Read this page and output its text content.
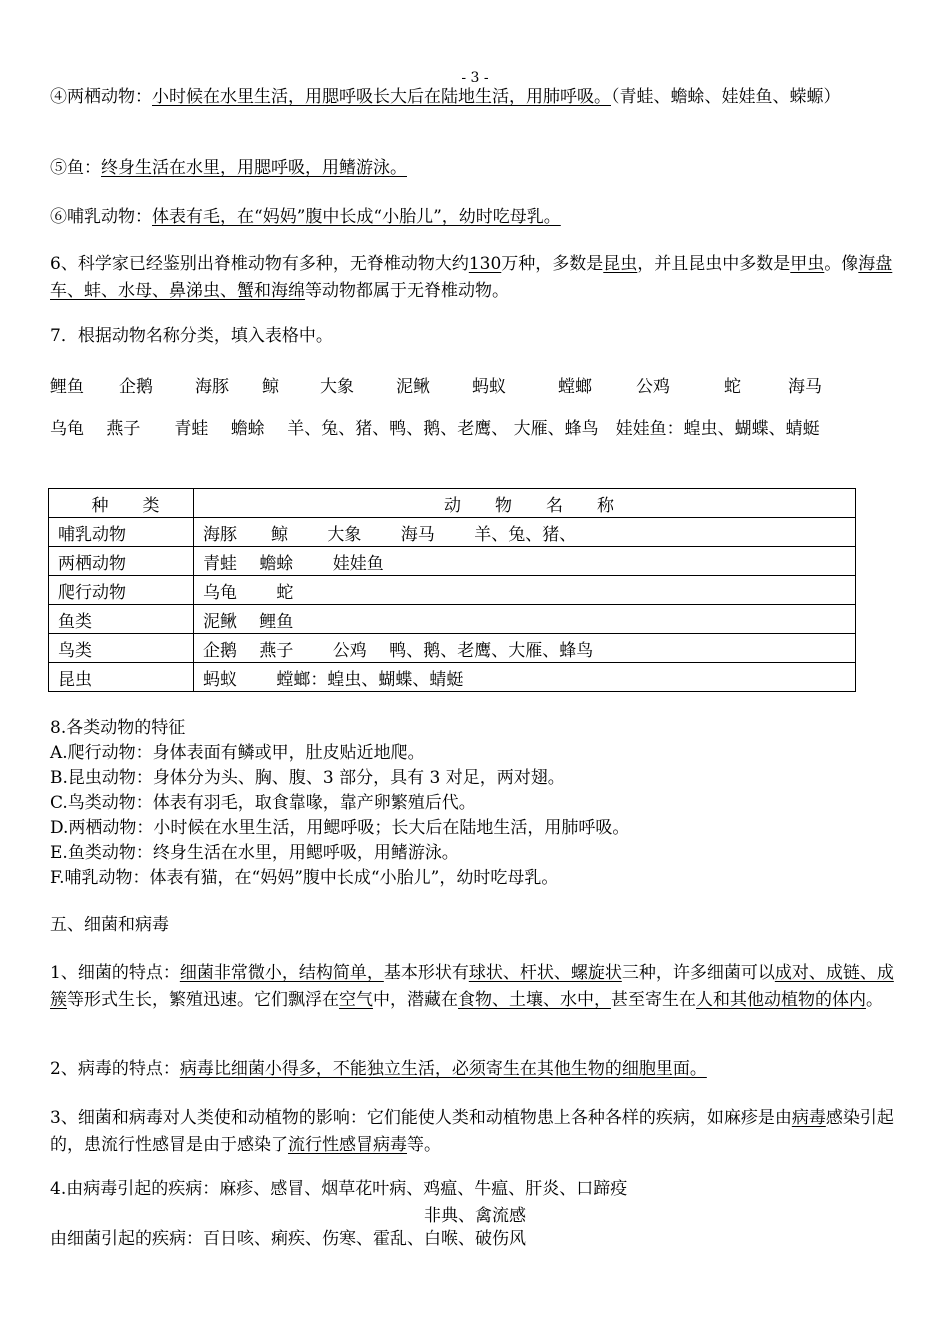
- 3 -
④两栖动物：小时候在水里生活，用腮呼吸长大后在陆地生活，用肺呼吸。（青蛙、蟾蜍、娃娃鱼、蝾螈）
⑤鱼：终身生活在水里，用腮呼吸，用鳍游泳。
⑥哺乳动物：体表有毛，在“妈妈”腹中长成“小胎儿”，幼时吃母乳。
6、科学家已经鉴别出脊椎动物有多种，无脊椎动物大约130万种，多数是昆虫，并且昆虫中多数是甲虫。像海盘车、蚌、水母、鼻涕虫、蟹和海绵等动物都属于无脊椎动物。
7．根据动物名称分类，填入表格中。
鲤鱼 企鹅 海豚 鲸 大象 泥鳅 蚂蚁	螳螂	公鸡	蛇	海马
乌龟　 燕子　　青蛙　 蟾蜍　 羊、兔、猪、鸭、鹅、老鹰、 大雁、蜂鸟　娃娃鱼：蝗虫、蝴蝶、蜻蜓
种　　类	动　　物　　名　　称
哺乳动物	海豚　　鲸　　 大象　　 海马　　 羊、兔、猪、
两栖动物	青蛙　 蟾蜍　　 娃娃鱼
爬行动物	乌龟　　 蛇
鱼类	泥鳅　 鲤鱼
鸟类	企鹅　 燕子　　 公鸡　 鸭、鹅、老鹰、大雁、蜂鸟
昆虫	蚂蚁　　 螳螂：蝗虫、蝴蝶、蜻蜓
8.各类动物的特征
A.爬行动物：身体表面有鳞或甲，肚皮贴近地爬。
B.昆虫动物：身体分为头、胸、腹、3 部分，具有 3 对足，两对翅。
C.鸟类动物：体表有羽毛，取食靠喙，靠产卵繁殖后代。
D.两栖动物：小时候在水里生活，用鳃呼吸；长大后在陆地生活，用肺呼吸。
E.鱼类动物：终身生活在水里，用鳃呼吸，用鳍游泳。
F.哺乳动物：体表有猫，在“妈妈”腹中长成“小胎儿”，幼时吃母乳。
五、细菌和病毒
1、细菌的特点：细菌非常微小，结构简单，基本形状有球状、杆状、螺旋状三种，许多细菌可以成对、成链、成簇等形式生长，繁殖迅速。它们飘浮在空气中，潜藏在食物、土壤、水中，甚至寄生在人和其他动植物的体内。
2、病毒的特点：病毒比细菌小得多，不能独立生活，必须寄生在其他生物的细胞里面。
3、细菌和病毒对人类使和动植物的影响：它们能使人类和动植物患上各种各样的疾病，如麻疹是由病毒感染引起的，患流行性感冒是由于感染了流行性感冒病毒等。
4.由病毒引起的疾病：麻疹、感冒、烟草花叶病、鸡瘟、牛瘟、肝炎、口蹄疫
非典、禽流感
由细菌引起的疾病：百日咳、痢疾、伤寒、霍乱、白喉、破伤风
